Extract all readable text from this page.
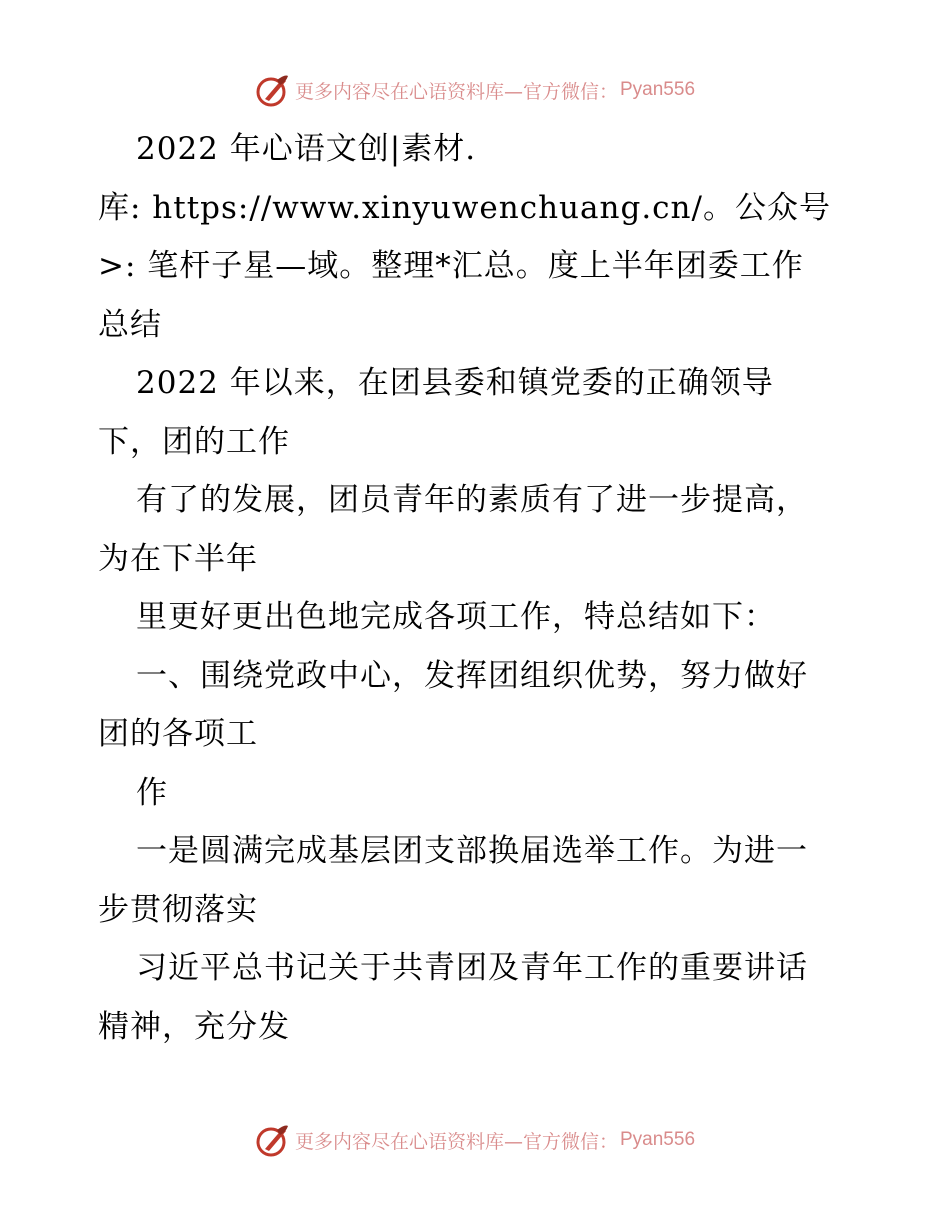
更多内容尽在心语资料库—官方微信： Pyan556
2022 年心语文创|素材.
库: https://www.xinyuwenchuang.cn/。公众号
>: 笔杆子星—域。整理*汇总。度上半年团委工作
总结
2022 年以来，在团县委和镇党委的正确领导
下，团的工作
有了的发展，团员青年的素质有了进一步提高，
为在下半年
里更好更出色地完成各项工作，特总结如下：
一、围绕党政中心，发挥团组织优势，努力做好
团的各项工
作
一是圆满完成基层团支部换届选举工作。为进一
步贯彻落实
习近平总书记关于共青团及青年工作的重要讲话
精神，充分发
更多内容尽在心语资料库—官方微信： Pyan556
